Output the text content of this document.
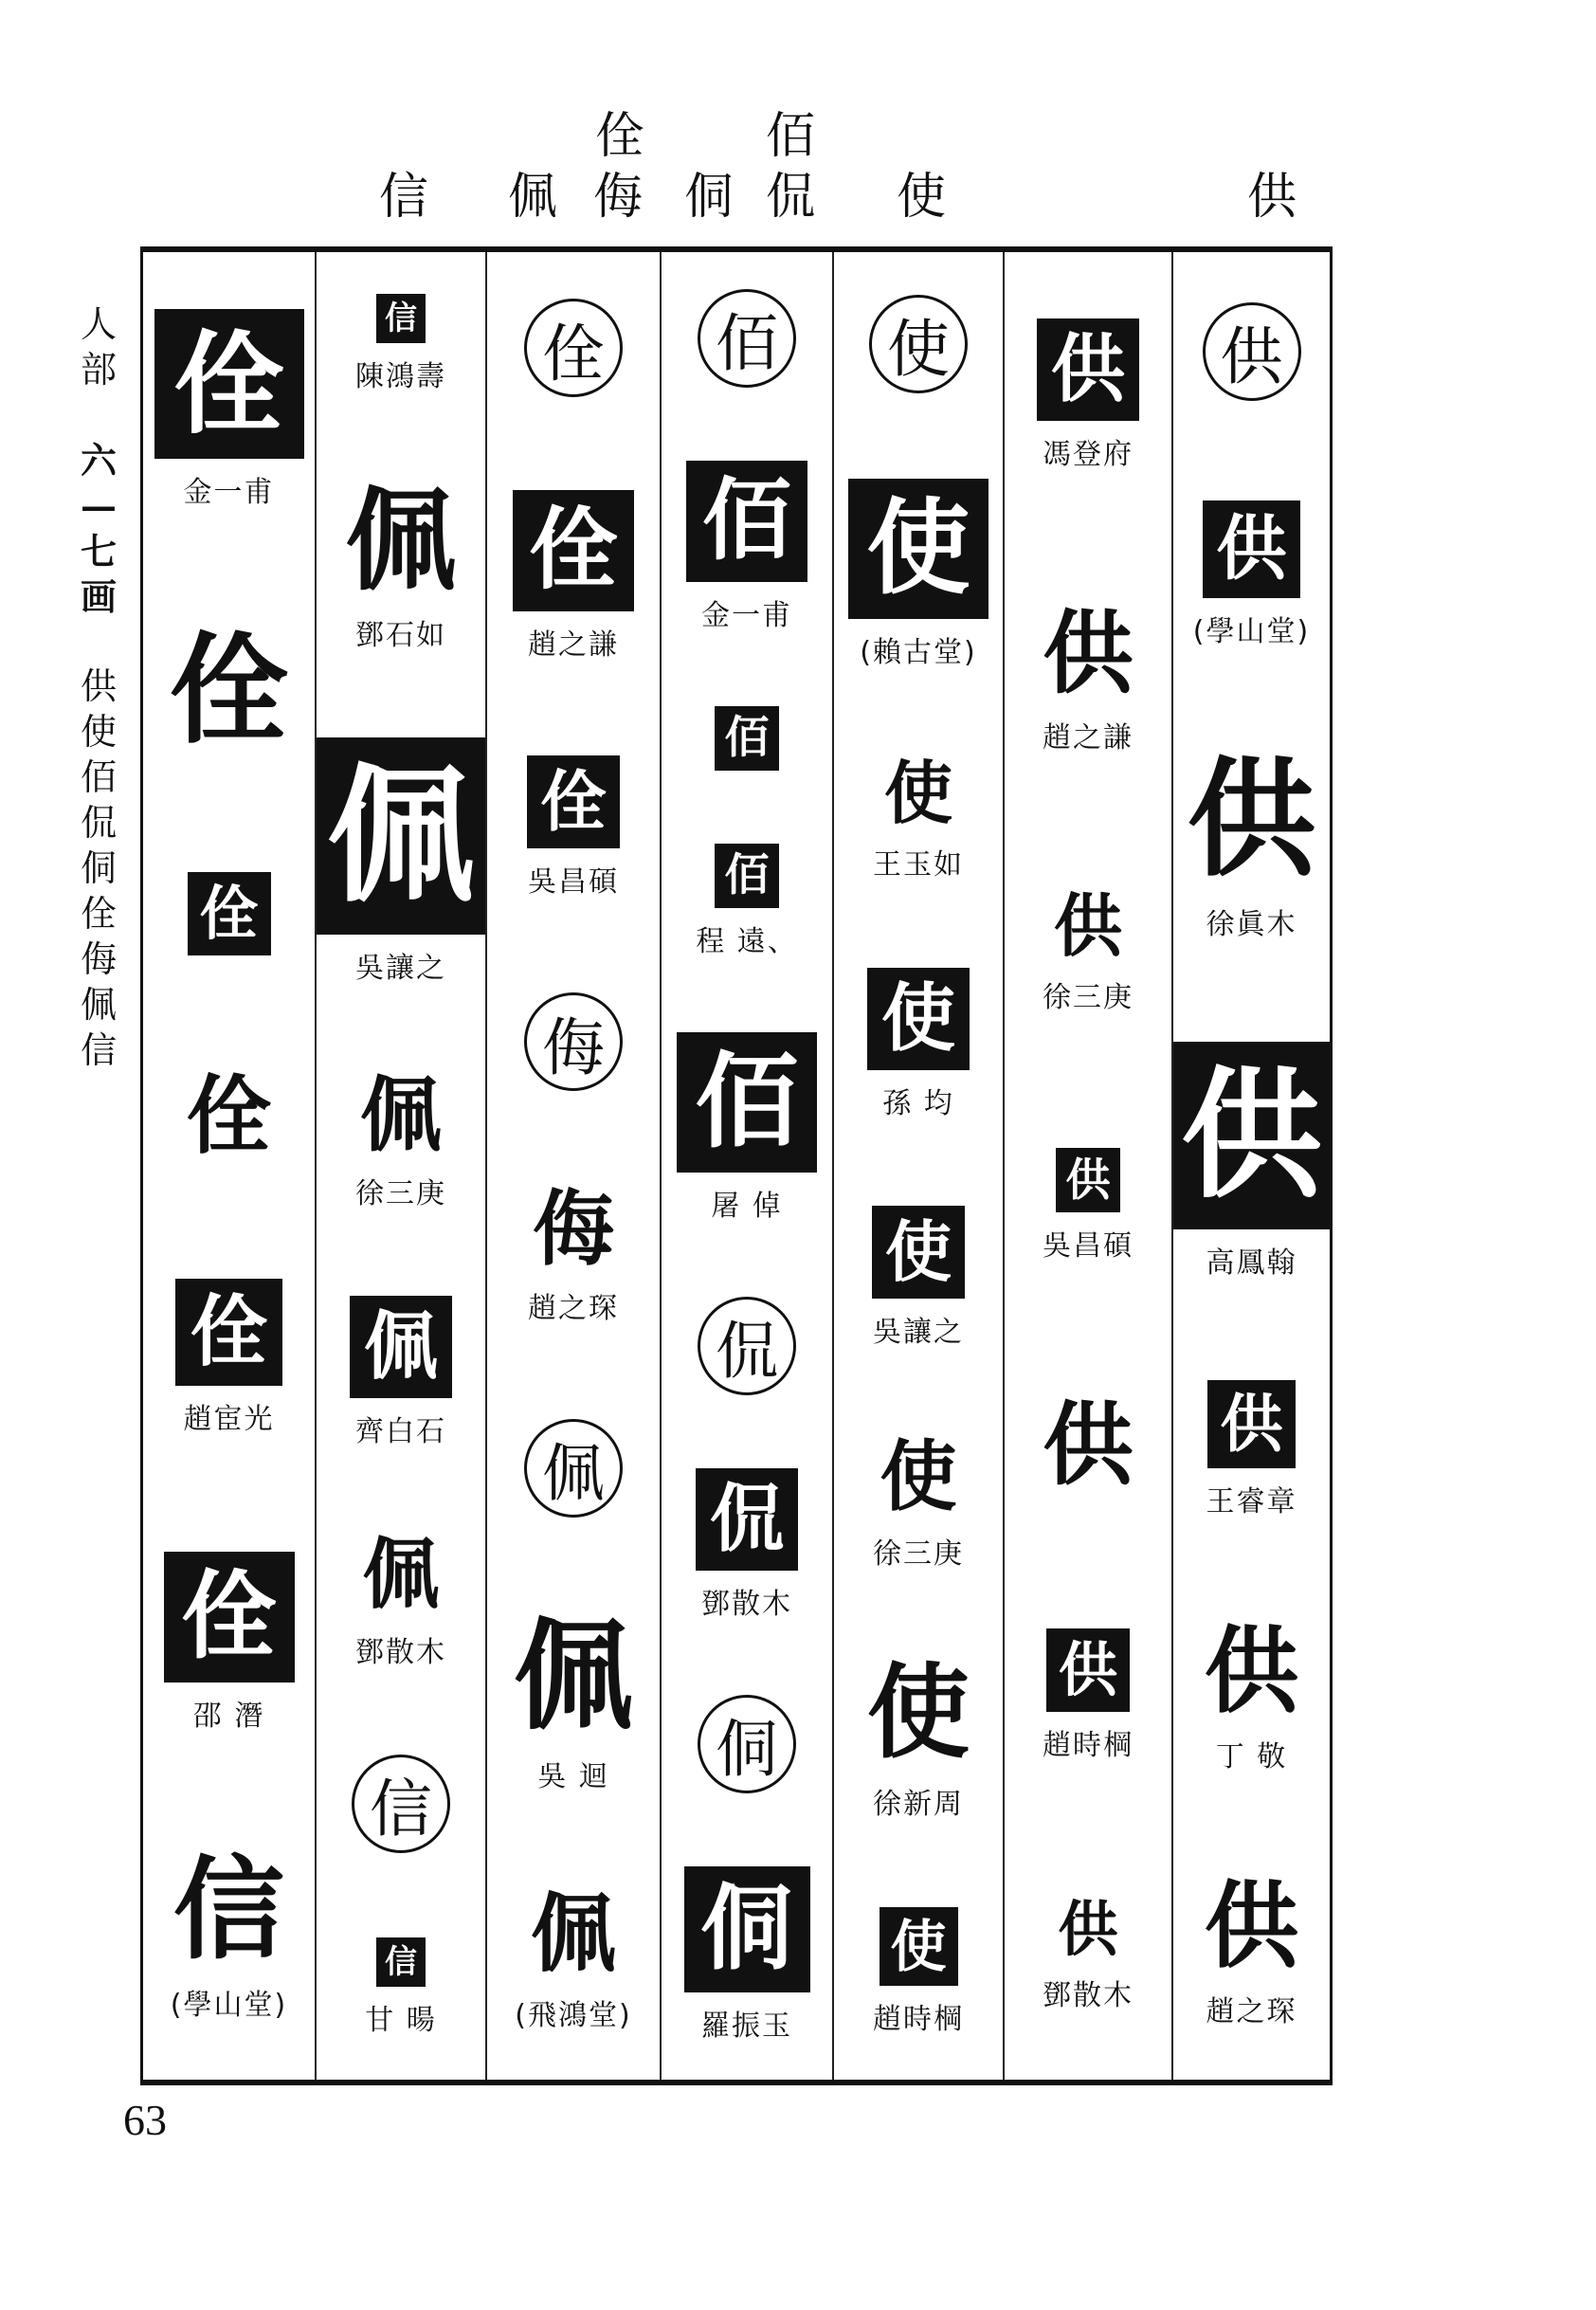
佺 佰
信 佩 侮 侗 侃 使	供
人部
六—七画
供使佰侃侗佺侮佩信
佺
金一甫
佺
佺
佺
佺
趙宦光
佺
邵 潛
信
(學山堂)
信
陳鴻壽
佩
鄧石如
佩
吳讓之
佩
徐三庚
佩
齊白石
佩
鄧散木
信
信
甘 暘
佺
佺
趙之謙
佺
吳昌碩
侮
侮
趙之琛
佩
佩
吳 迴
佩
(飛鴻堂)
佰
佰
金一甫
佰
佰
程 遠、
佰
屠 倬
侃
侃
鄧散木
侗
侗
羅振玉
使
使
(賴古堂)
使
王玉如
使
孫 均
使
吳讓之
使
徐三庚
使
徐新周
使
趙時棡
供
馮登府
供
趙之謙
供
徐三庚
供
吳昌碩
供
供
趙時棡
供
鄧散木
供
供
(學山堂)
供
徐眞木
供
高鳳翰
供
王睿章
供
丁 敬
供
趙之琛
63
